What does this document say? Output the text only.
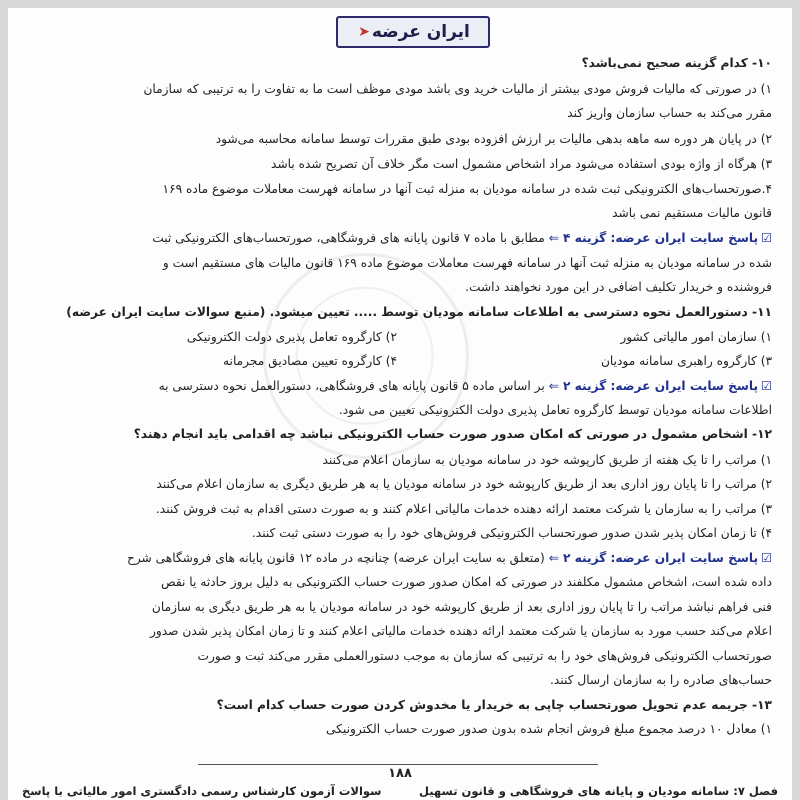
ایران عرضه
➤
۱۰- کدام گزینه صحیح نمی‌باشد؟
۱) در صورتی که مالیات فروش مودی بیشتر از مالیات خرید وی باشد مودی موظف است ما به تفاوت را به ترتیبی که سازمان
مقرر می‌کند به حساب سازمان واریز کند
۲) در پایان هر دوره سه ماهه بدهی مالیات بر ارزش افزوده بودی طبق مقررات توسط سامانه محاسبه می‌شود
۳) هرگاه از واژه بودی استفاده می‌شود مراد اشخاص مشمول است مگر خلاف آن تصریح شده باشد
۴.صورتحساب‌های الکترونیکی ثبت شده در سامانه مودیان به منزله ثبت آنها در سامانه فهرست معاملات موضوع ماده ۱۶۹
قانون مالیات مستقیم نمی باشد
☑پاسخ سایت ایران عرضه: گزینه ۴⇐مطابق با ماده ۷ قانون پایانه های فروشگاهی، صورتحساب‌های الکترونیکی ثبت
شده در سامانه مودیان به منزله ثبت آنها در سامانه فهرست معاملات موضوع ماده ۱۶۹ قانون مالیات های مستقیم است و
فروشنده و خریدار تکلیف اضافی در این مورد نخواهند داشت.
۱۱- دستورالعمل نحوه دسترسی به اطلاعات سامانه مودیان توسط ..... تعیین میشود. (منبع سوالات سایت ایران عرضه)
۱) سازمان امور مالیاتی کشور
۲) کارگروه تعامل پذیری دولت الکترونیکی
۳) کارگروه راهبری سامانه مودیان
۴) کارگروه تعیین مصادیق مجرمانه
☑پاسخ سایت ایران عرضه: گزینه ۲⇐بر اساس ماده ۵ قانون پایانه های فروشگاهی، دستورالعمل نحوه دسترسی به
اطلاعات سامانه مودیان توسط کارگروه تعامل پذیری دولت الکترونیکی تعیین می شود.
۱۲- اشخاص مشمول در صورتی که امکان صدور صورت حساب الکترونیکی نباشد چه اقدامی باید انجام دهند؟
۱) مراتب را تا یک هفته از طریق کارپوشه خود در سامانه مودیان به سازمان اعلام می‌کنند
۲) مراتب را تا پایان روز اداری بعد از طریق کارپوشه خود در سامانه مودیان یا به هر طریق دیگری به سازمان اعلام می‌کنند
۳) مراتب را به سازمان یا شرکت معتمد ارائه دهنده خدمات مالیاتی اعلام کنند و به صورت دستی اقدام به ثبت فروش کنند.
۴) تا زمان امکان پذیر شدن صدور صورتحساب الکترونیکی فروش‌های خود را به صورت دستی ثبت کنند.
☑پاسخ سایت ایران عرضه: گزینه ۲⇐(متعلق به سایت ایران عرضه) چنانچه در ماده ۱۲ قانون پایانه های فروشگاهی شرح
داده شده است، اشخاص مشمول مکلفند در صورتی که امکان صدور صورت حساب الکترونیکی به دلیل بروز حادثه یا نقص
فنی فراهم نباشد مراتب را تا پایان روز اداری بعد از طریق کارپوشه خود در سامانه مودیان یا به هر طریق دیگری به سازمان
اعلام می‌کند حسب مورد به سازمان یا شرکت معتمد ارائه دهنده خدمات مالیاتی اعلام کنند و تا زمان امکان پذیر شدن صدور
صورتحساب الکترونیکی فروش‌های خود را به ترتیبی که سازمان به موجب دستورالعملی مقرر می‌کند ثبت و صورت
حساب‌های صادره را به سازمان ارسال کنند.
۱۳- جریمه عدم تحویل صورتحساب چاپی به خریدار یا مخدوش کردن صورت حساب کدام است؟
۱) معادل ۱۰ درصد مجموع مبلغ فروش انجام شده بدون صدور صورت حساب الکترونیکی
۱۸۸
فصل ۷: سامانه مودیان و پایانه های فروشگاهی و قانون تسهیل
سوالات آزمون کارشناس رسمی دادگستری امور مالیاتی با پاسخ
